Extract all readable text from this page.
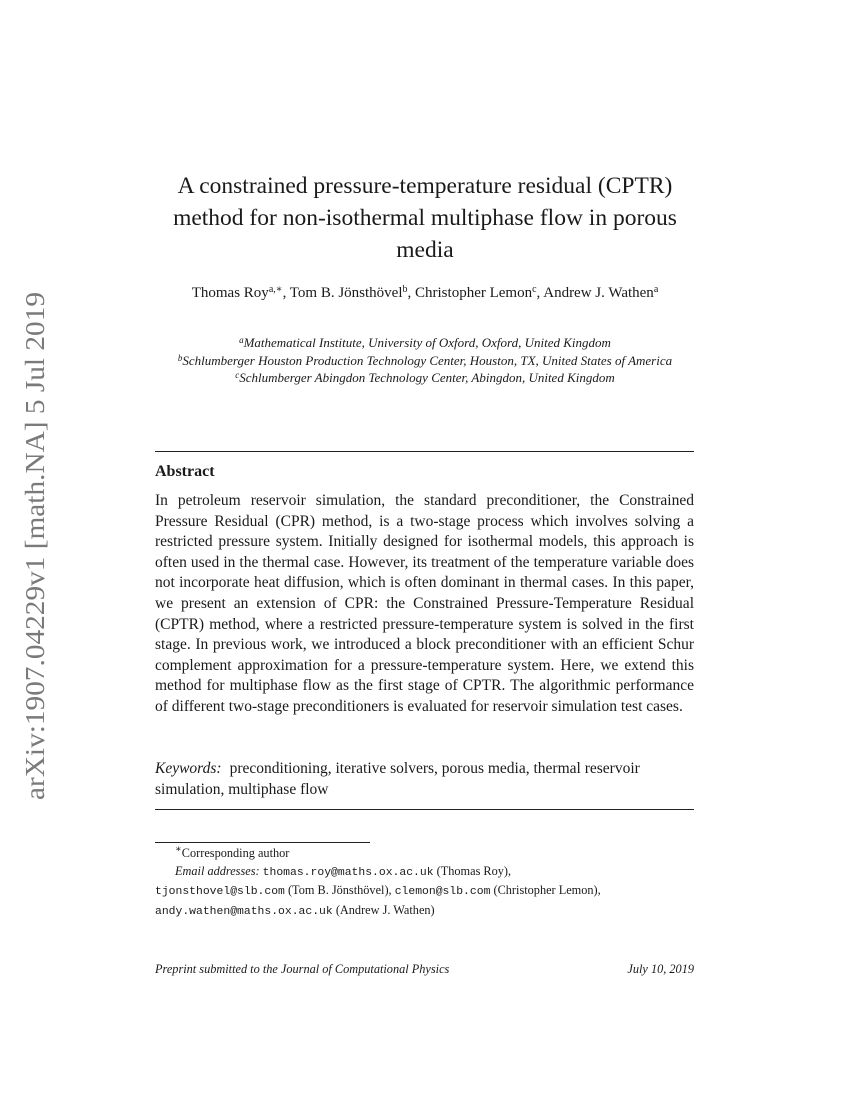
arXiv:1907.04229v1 [math.NA] 5 Jul 2019
A constrained pressure-temperature residual (CPTR) method for non-isothermal multiphase flow in porous media
Thomas Roy$^{a,∗}$, Tom B. Jönsthövel$^b$, Christopher Lemon$^c$, Andrew J. Wathen$^a$
$^a$Mathematical Institute, University of Oxford, Oxford, United Kingdom
$^b$Schlumberger Houston Production Technology Center, Houston, TX, United States of America
$^c$Schlumberger Abingdon Technology Center, Abingdon, United Kingdom
Abstract
In petroleum reservoir simulation, the standard preconditioner, the Constrained Pressure Residual (CPR) method, is a two-stage process which involves solving a restricted pressure system. Initially designed for isothermal models, this approach is often used in the thermal case. However, its treatment of the temperature variable does not incorporate heat diffusion, which is often dominant in thermal cases. In this paper, we present an extension of CPR: the Constrained Pressure-Temperature Residual (CPTR) method, where a restricted pressure-temperature system is solved in the first stage. In previous work, we introduced a block preconditioner with an efficient Schur complement approximation for a pressure-temperature system. Here, we extend this method for multiphase flow as the first stage of CPTR. The algorithmic performance of different two-stage preconditioners is evaluated for reservoir simulation test cases.
Keywords: preconditioning, iterative solvers, porous media, thermal reservoir simulation, multiphase flow
∗Corresponding author
Email addresses: thomas.roy@maths.ox.ac.uk (Thomas Roy),
tjonsthovel@slb.com (Tom B. Jönsthövel), clemon@slb.com (Christopher Lemon),
andy.wathen@maths.ox.ac.uk (Andrew J. Wathen)
Preprint submitted to the Journal of Computational Physics	July 10, 2019
